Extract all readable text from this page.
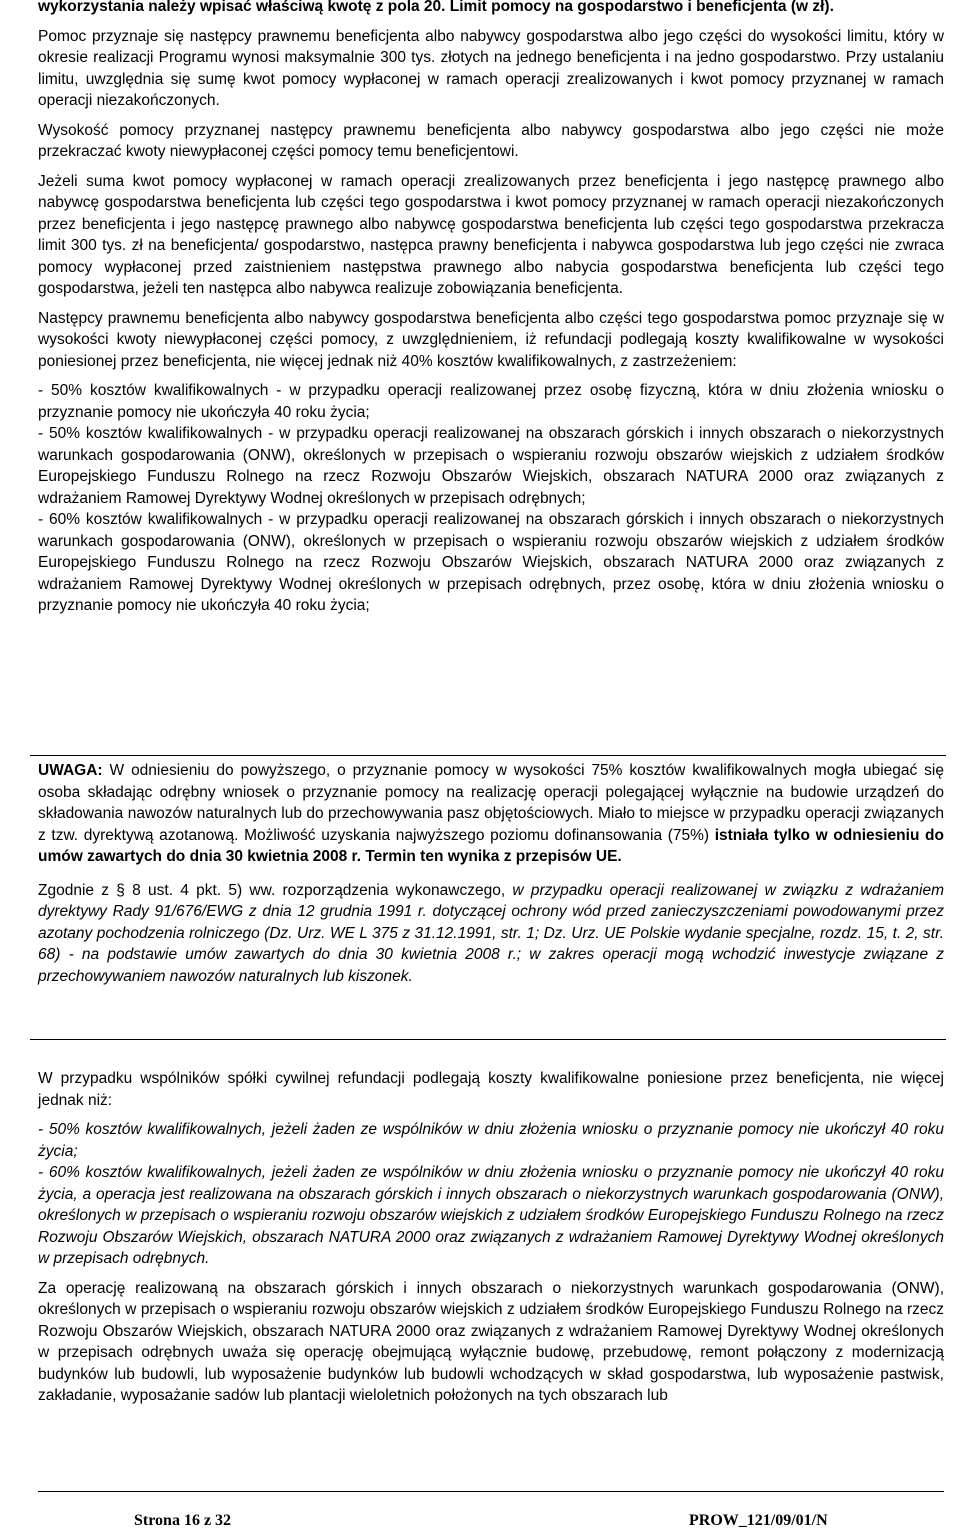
wykorzystania należy wpisać właściwą kwotę z pola 20. Limit pomocy na gospodarstwo i beneficjenta (w zł).

Pomoc przyznaje się następcy prawnemu beneficjenta albo nabywcy gospodarstwa albo jego części do wysokości limitu, który w okresie realizacji Programu wynosi maksymalnie 300 tys. złotych na jednego beneficjenta i na jedno gospodarstwo. Przy ustalaniu limitu, uwzględnia się sumę kwot pomocy wypłaconej w ramach operacji zrealizowanych i kwot pomocy przyznanej w ramach operacji niezakończonych.

Wysokość pomocy przyznanej następcy prawnemu beneficjenta albo nabywcy gospodarstwa albo jego części nie może przekraczać kwoty niewypłaconej części pomocy temu beneficjentowi.

Jeżeli suma kwot pomocy wypłaconej w ramach operacji zrealizowanych przez beneficjenta i jego następcę prawnego albo nabywcę gospodarstwa beneficjenta lub części tego gospodarstwa i kwot pomocy przyznanej w ramach operacji niezakończonych przez beneficjenta i jego następcę prawnego albo nabywcę gospodarstwa beneficjenta lub części tego gospodarstwa przekracza limit 300 tys. zł na beneficjenta/ gospodarstwo, następca prawny beneficjenta i nabywca gospodarstwa lub jego części nie zwraca pomocy wypłaconej przed zaistnieniem następstwa prawnego albo nabycia gospodarstwa beneficjenta lub części tego gospodarstwa, jeżeli ten następca albo nabywca realizuje zobowiązania beneficjenta.

Następcy prawnemu beneficjenta albo nabywcy gospodarstwa beneficjenta albo części tego gospodarstwa pomoc przyznaje się w wysokości kwoty niewypłaconej części pomocy, z uwzględnieniem, iż refundacji podlegają koszty kwalifikowalne w wysokości poniesionej przez beneficjenta, nie więcej jednak niż 40% kosztów kwalifikowalnych, z zastrzeżeniem:

- 50% kosztów kwalifikowalnych - w przypadku operacji realizowanej przez osobę fizyczną, która w dniu złożenia wniosku o przyznanie pomocy nie ukończyła 40 roku życia;

- 50% kosztów kwalifikowalnych - w przypadku operacji realizowanej na obszarach górskich i innych obszarach o niekorzystnych warunkach gospodarowania (ONW), określonych w przepisach o wspieraniu rozwoju obszarów wiejskich z udziałem środków Europejskiego Funduszu Rolnego na rzecz Rozwoju Obszarów Wiejskich, obszarach NATURA 2000 oraz związanych z wdrażaniem Ramowej Dyrektywy Wodnej określonych w przepisach odrębnych;

- 60% kosztów kwalifikowalnych - w przypadku operacji realizowanej na obszarach górskich i innych obszarach o niekorzystnych warunkach gospodarowania (ONW), określonych w przepisach o wspieraniu rozwoju obszarów wiejskich z udziałem środków Europejskiego Funduszu Rolnego na rzecz Rozwoju Obszarów Wiejskich, obszarach NATURA 2000 oraz związanych z wdrażaniem Ramowej Dyrektywy Wodnej określonych w przepisach odrębnych, przez osobę, która w dniu złożenia wniosku o przyznanie pomocy nie ukończyła 40 roku życia;

UWAGA: W odniesieniu do powyższego, o przyznanie pomocy w wysokości 75% kosztów kwalifikowalnych mogła ubiegać się osoba składając odrębny wniosek o przyznanie pomocy na realizację operacji polegającej wyłącznie na budowie urządzeń do składowania nawozów naturalnych lub do przechowywania pasz objętościowych. Miało to miejsce w przypadku operacji związanych z tzw. dyrektywą azotanową. Możliwość uzyskania najwyższego poziomu dofinansowania (75%) istniała tylko w odniesieniu do umów zawartych do dnia 30 kwietnia 2008 r. Termin ten wynika z przepisów UE.

Zgodnie z § 8 ust. 4 pkt. 5) ww. rozporządzenia wykonawczego, w przypadku operacji realizowanej w związku z wdrażaniem dyrektywy Rady 91/676/EWG z dnia 12 grudnia 1991 r. dotyczącej ochrony wód przed zanieczyszczeniami powodowanymi przez azotany pochodzenia rolniczego (Dz. Urz. WE L 375 z 31.12.1991, str. 1; Dz. Urz. UE Polskie wydanie specjalne, rozdz. 15, t. 2, str. 68) - na podstawie umów zawartych do dnia 30 kwietnia 2008 r.; w zakres operacji mogą wchodzić inwestycje związane z przechowywaniem nawozów naturalnych lub kiszonek.

W przypadku wspólników spółki cywilnej refundacji podlegają koszty kwalifikowalne poniesione przez beneficjenta, nie więcej jednak niż:

- 50% kosztów kwalifikowalnych, jeżeli żaden ze wspólników w dniu złożenia wniosku o przyznanie pomocy nie ukończył 40 roku życia;

- 60% kosztów kwalifikowalnych, jeżeli żaden ze wspólników w dniu złożenia wniosku o przyznanie pomocy nie ukończył 40 roku życia, a operacja jest realizowana na obszarach górskich i innych obszarach o niekorzystnych warunkach gospodarowania (ONW), określonych w przepisach o wspieraniu rozwoju obszarów wiejskich z udziałem środków Europejskiego Funduszu Rolnego na rzecz Rozwoju Obszarów Wiejskich, obszarach NATURA 2000 oraz związanych z wdrażaniem Ramowej Dyrektywy Wodnej określonych w przepisach odrębnych.

Za operację realizowaną na obszarach górskich i innych obszarach o niekorzystnych warunkach gospodarowania (ONW), określonych w przepisach o wspieraniu rozwoju obszarów wiejskich z udziałem środków Europejskiego Funduszu Rolnego na rzecz Rozwoju Obszarów Wiejskich, obszarach NATURA 2000 oraz związanych z wdrażaniem Ramowej Dyrektywy Wodnej określonych w przepisach odrębnych uważa się operację obejmującą wyłącznie budowę, przebudowę, remont połączony z modernizacją budynków lub budowli, lub wyposażenie budynków lub budowli wchodzących w skład gospodarstwa, lub wyposażenie pastwisk, zakładanie, wyposażanie sadów lub plantacji wieloletnich położonych na tych obszarach lub

Strona 16 z 32	PROW_121/09/01/N
